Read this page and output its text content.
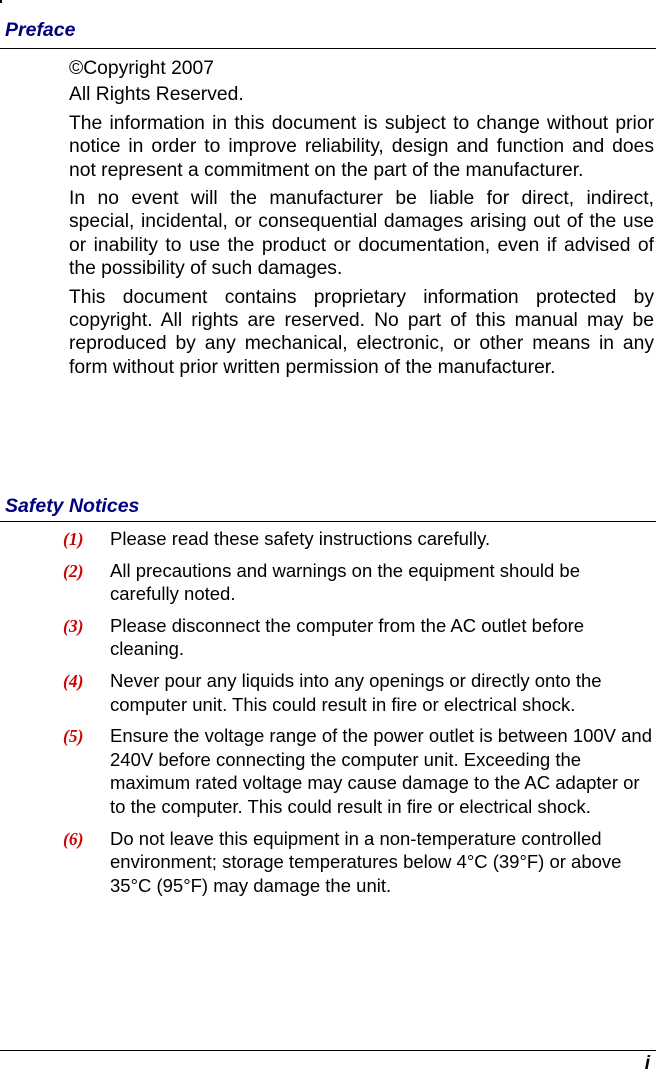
Preface

©Copyright 2007

All Rights Reserved.

The information in this document is subject to change without prior notice in order to improve reliability, design and function and does not represent a commitment on the part of the manufacturer.

In no event will the manufacturer be liable for direct, indirect, special, incidental, or consequential damages arising out of the use or inability to use the product or documentation, even if advised of the possibility of such damages.

This document contains proprietary information protected by copyright. All rights are reserved. No part of this manual may be reproduced by any mechanical, electronic, or other means in any form without prior written permission of the manufacturer.

Safety Notices
(1) Please read these safety instructions carefully.
(2) All precautions and warnings on the equipment should be carefully noted.
(3) Please disconnect the computer from the AC outlet before cleaning.
(4) Never pour any liquids into any openings or directly onto the computer unit. This could result in fire or electrical shock.
(5) Ensure the voltage range of the power outlet is between 100V and 240V before connecting the computer unit. Exceeding the maximum rated voltage may cause damage to the AC adapter or to the computer. This could result in fire or electrical shock.
(6) Do not leave this equipment in a non-temperature controlled environment; storage temperatures below 4°C (39°F) or above 35°C (95°F) may damage the unit.
i
